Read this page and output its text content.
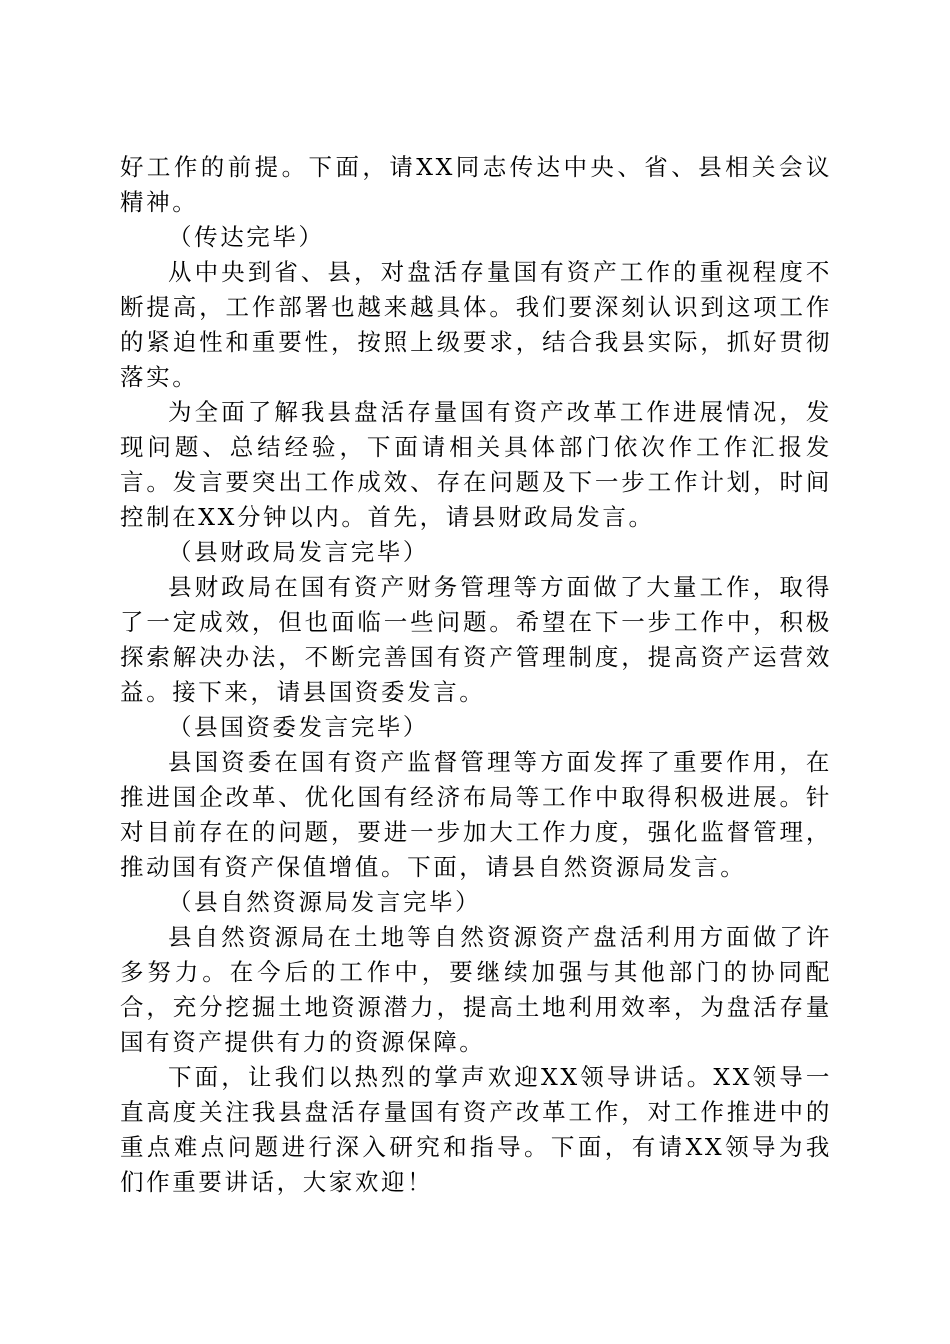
好工作的前提。下面，请XX同志传达中央、省、县相关会议精神。

（传达完毕）

从中央到省、县，对盘活存量国有资产工作的重视程度不断提高，工作部署也越来越具体。我们要深刻认识到这项工作的紧迫性和重要性，按照上级要求，结合我县实际，抓好贯彻落实。

为全面了解我县盘活存量国有资产改革工作进展情况，发现问题、总结经验，下面请相关具体部门依次作工作汇报发言。发言要突出工作成效、存在问题及下一步工作计划，时间控制在XX分钟以内。首先，请县财政局发言。

（县财政局发言完毕）

县财政局在国有资产财务管理等方面做了大量工作，取得了一定成效，但也面临一些问题。希望在下一步工作中，积极探索解决办法，不断完善国有资产管理制度，提高资产运营效益。接下来，请县国资委发言。

（县国资委发言完毕）

县国资委在国有资产监督管理等方面发挥了重要作用，在推进国企改革、优化国有经济布局等工作中取得积极进展。针对目前存在的问题，要进一步加大工作力度，强化监督管理，推动国有资产保值增值。下面，请县自然资源局发言。

（县自然资源局发言完毕）

县自然资源局在土地等自然资源资产盘活利用方面做了许多努力。在今后的工作中，要继续加强与其他部门的协同配合，充分挖掘土地资源潜力，提高土地利用效率，为盘活存量国有资产提供有力的资源保障。

下面，让我们以热烈的掌声欢迎XX领导讲话。XX领导一直高度关注我县盘活存量国有资产改革工作，对工作推进中的重点难点问题进行深入研究和指导。下面，有请XX领导为我们作重要讲话，大家欢迎！
